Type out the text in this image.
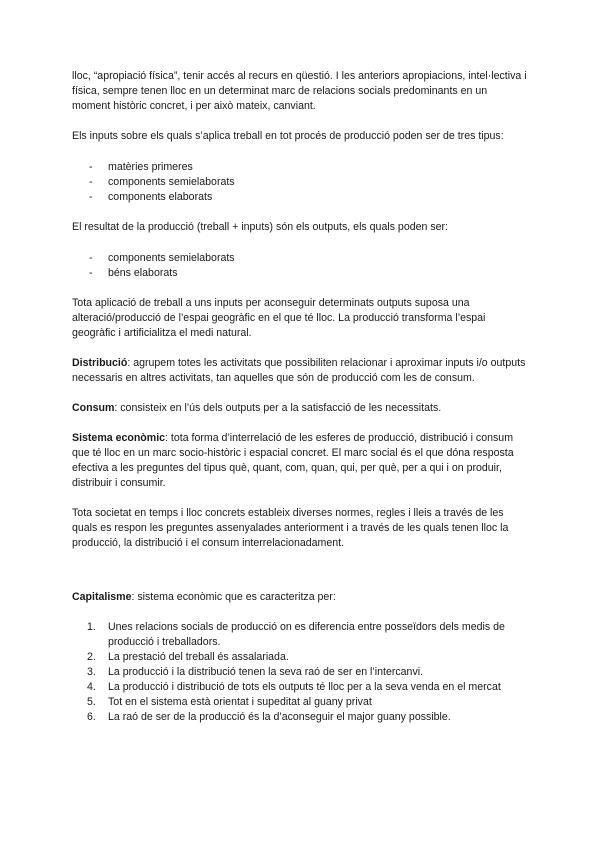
lloc, “apropiació física”, tenir accés al recurs en qüestió. I les anteriors apropiacions, intel·lectiva i física, sempre tenen lloc en un determinat marc de relacions socials predominants en un moment històric concret, i per això mateix, canviant.

Els inputs sobre els quals s’aplica treball en tot procés de producció poden ser de tres tipus:

- matèries primeres
- components semielaborats
- components elaborats

El resultat de la producció (treball + inputs) són els outputs, els quals poden ser:

- components semielaborats
- béns elaborats

Tota aplicació de treball a uns inputs per aconseguir determinats outputs suposa una alteració/producció de l’espai geogràfic en el que té lloc. La producció transforma l’espai geogràfic i artificialitza el medi natural.

Distribució: agrupem totes les activitats que possibiliten relacionar i aproximar inputs i/o outputs necessaris en altres activitats, tan aquelles que són de producció com les de consum.

Consum: consisteix en l’ús dels outputs per a la satisfacció de les necessitats.

Sistema econòmic: tota forma d’interrelació de les esferes de producció, distribució i consum que té lloc en un marc socio-històric i espacial concret. El marc social és el que dóna resposta efectiva a les preguntes del tipus què, quant, com, quan, qui, per què, per a qui i on produir, distribuir i consumir.

Tota societat en temps i lloc concrets estableix diverses normes, regles i lleis a través de les quals es respon les preguntes assenyalades anteriorment i a través de les quals tenen lloc la producció, la distribució i el consum interrelacionadament.

Capitalisme: sistema econòmic que es caracteritza per:

1. Unes relacions socials de producció on es diferencia entre posseïdors dels medis de producció i treballadors.
2. La prestació del treball és assalariada.
3. La producció i la distribució tenen la seva raó de ser en l’intercanvi.
4. La producció i distribució de tots els outputs té lloc per a la seva venda en el mercat
5. Tot en el sistema està orientat i supeditat al guany privat
6. La raó de ser de la producció és la d’aconseguir el major guany possible.
